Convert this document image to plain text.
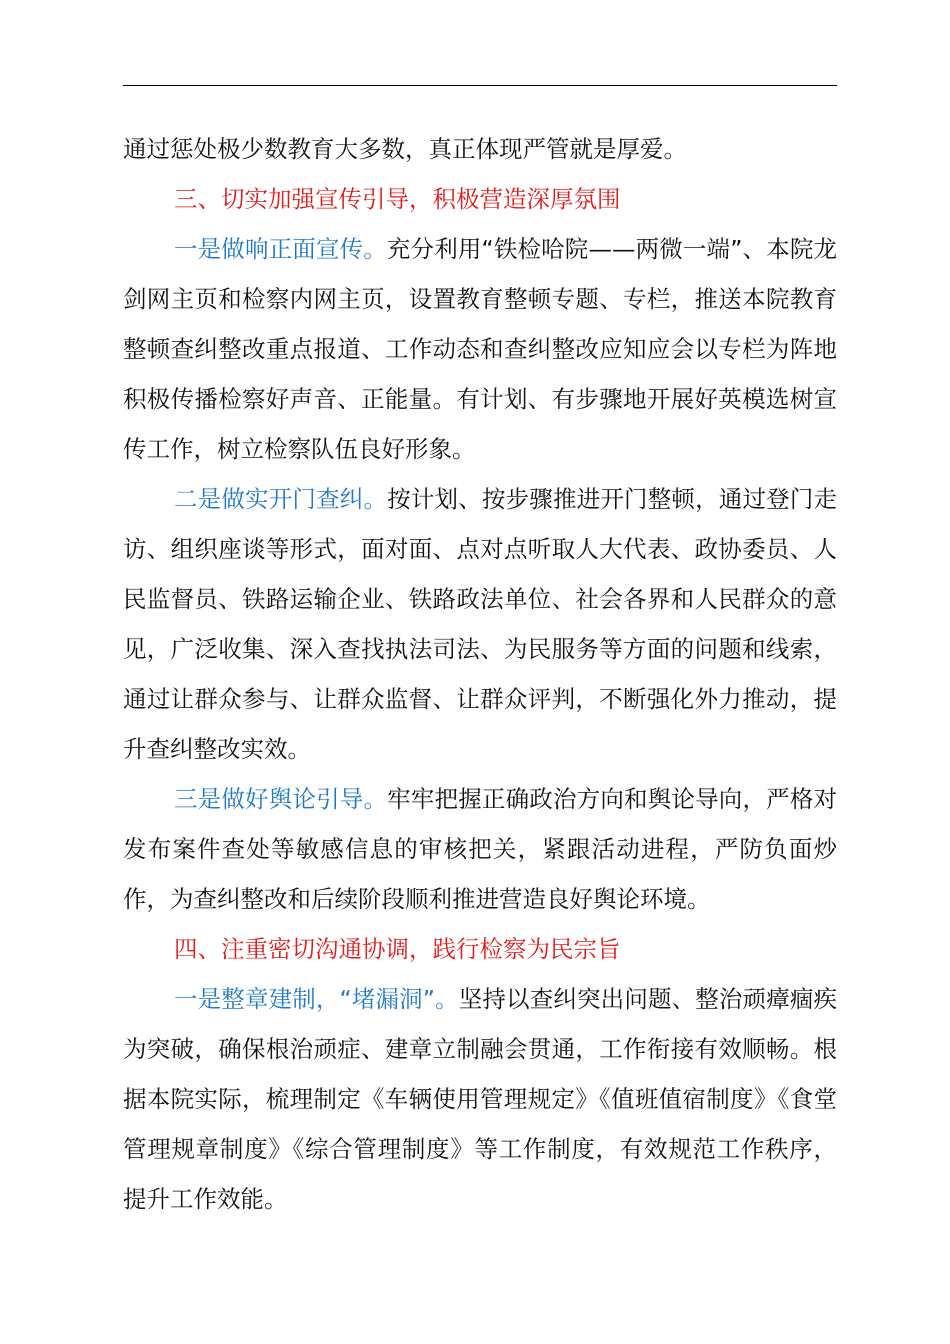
通过惩处极少数教育大多数，真正体现严管就是厚爱。

三、切实加强宣传引导，积极营造深厚氛围

一是做响正面宣传。充分利用“铁检哈院——两微一端”、本院龙剑网主页和检察内网主页，设置教育整顿专题、专栏，推送本院教育整顿查纠整改重点报道、工作动态和查纠整改应知应会以专栏为阵地积极传播检察好声音、正能量。有计划、有步骤地开展好英模选树宣传工作，树立检察队伍良好形象。

二是做实开门查纠。按计划、按步骤推进开门整顿，通过登门走访、组织座谈等形式，面对面、点对点听取人大代表、政协委员、人民监督员、铁路运输企业、铁路政法单位、社会各界和人民群众的意见，广泛收集、深入查找执法司法、为民服务等方面的问题和线索，通过让群众参与、让群众监督、让群众评判，不断强化外力推动，提升查纠整改实效。

三是做好舆论引导。牢牢把握正确政治方向和舆论导向，严格对发布案件查处等敏感信息的审核把关，紧跟活动进程，严防负面炒作，为查纠整改和后续阶段顺利推进营造良好舆论环境。

四、注重密切沟通协调，践行检察为民宗旨

一是整章建制，“堵漏洞”。坚持以查纠突出问题、整治顽瘴痼疾为突破，确保根治顽症、建章立制融会贯通，工作衔接有效顺畅。根据本院实际，梳理制定《车辆使用管理规定》《值班值宿制度》《食堂管理规章制度》《综合管理制度》等工作制度，有效规范工作秩序，提升工作效能。
